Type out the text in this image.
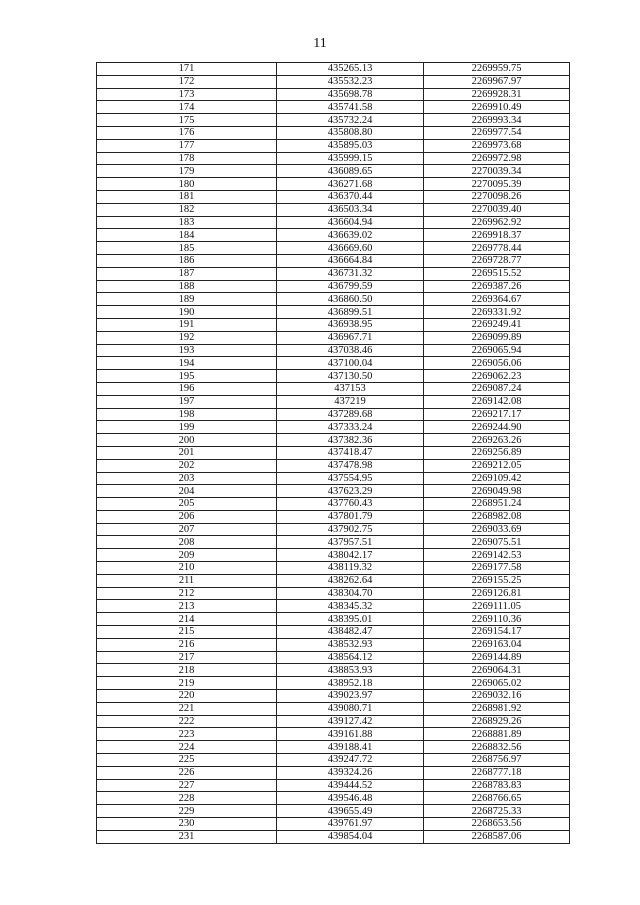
11
171	435265.13	2269959.75
172	435532.23	2269967.97
173	435698.78	2269928.31
174	435741.58	2269910.49
175	435732.24	2269993.34
176	435808.80	2269977.54
177	435895.03	2269973.68
178	435999.15	2269972.98
179	436089.65	2270039.34
180	436271.68	2270095.39
181	436370.44	2270098.26
182	436503.34	2270039.40
183	436604.94	2269962.92
184	436639.02	2269918.37
185	436669.60	2269778.44
186	436664.84	2269728.77
187	436731.32	2269515.52
188	436799.59	2269387.26
189	436860.50	2269364.67
190	436899.51	2269331.92
191	436938.95	2269249.41
192	436967.71	2269099.89
193	437038.46	2269065.94
194	437100.04	2269056.06
195	437130.50	2269062.23
196	437153	2269087.24
197	437219	2269142.08
198	437289.68	2269217.17
199	437333.24	2269244.90
200	437382.36	2269263.26
201	437418.47	2269256.89
202	437478.98	2269212.05
203	437554.95	2269109.42
204	437623.29	2269049.98
205	437760.43	2268951.24
206	437801.79	2268982.08
207	437902.75	2269033.69
208	437957.51	2269075.51
209	438042.17	2269142.53
210	438119.32	2269177.58
211	438262.64	2269155.25
212	438304.70	2269126.81
213	438345.32	2269111.05
214	438395.01	2269110.36
215	438482.47	2269154.17
216	438532.93	2269163.04
217	438564.12	2269144.89
218	438853.93	2269064.31
219	438952.18	2269065.02
220	439023.97	2269032.16
221	439080.71	2268981.92
222	439127.42	2268929.26
223	439161.88	2268881.89
224	439188.41	2268832.56
225	439247.72	2268756.97
226	439324.26	2268777.18
227	439444.52	2268783.83
228	439546.48	2268766.65
229	439655.49	2268725.33
230	439761.97	2268653.56
231	439854.04	2268587.06
